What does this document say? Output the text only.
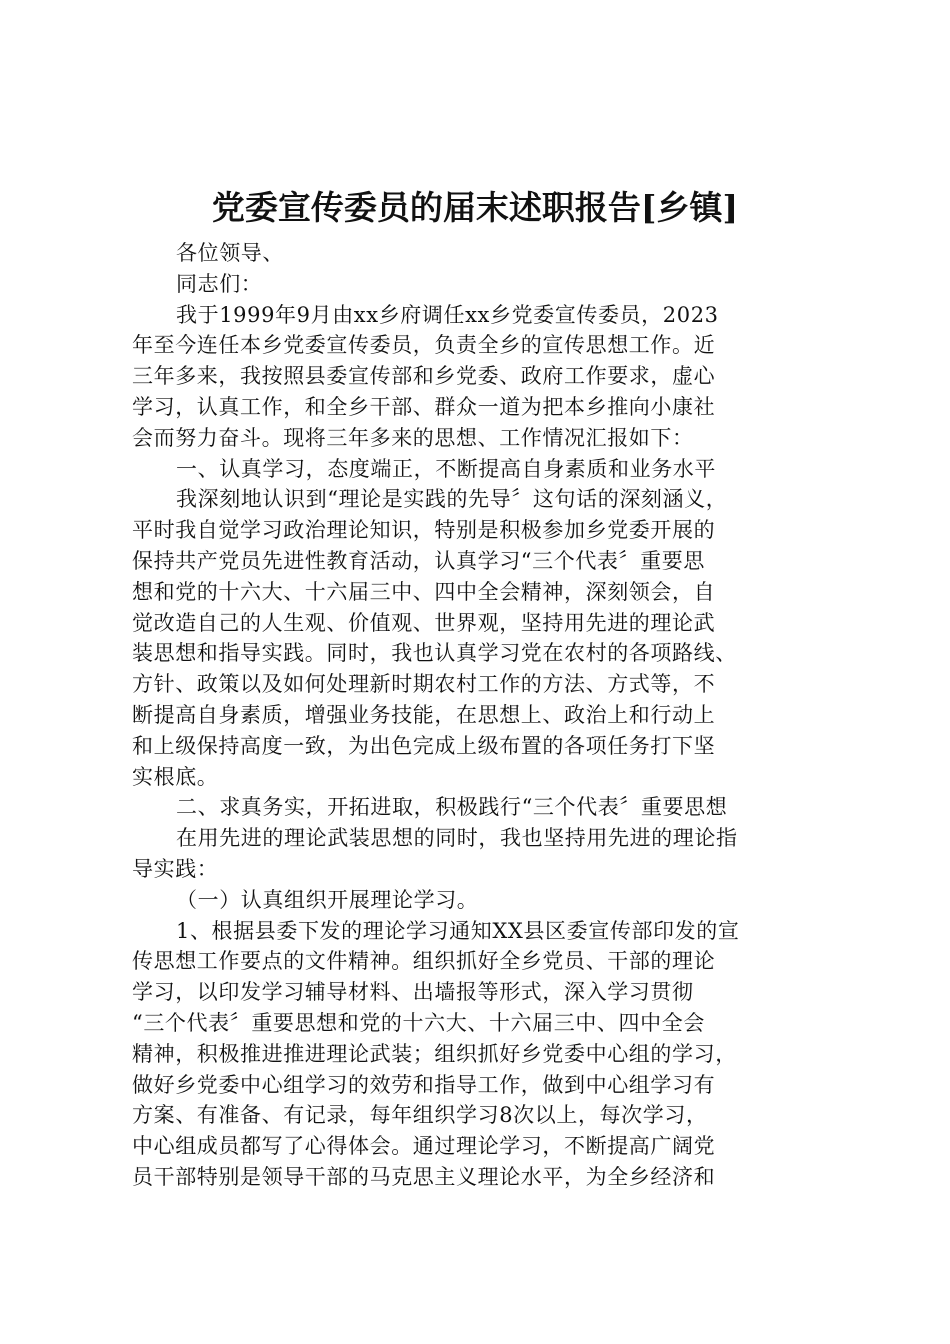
党委宣传委员的届末述职报告[乡镇]
各位领导、
同志们：
我于1999年9月由xx乡府调任xx乡党委宣传委员，2023
年至今连任本乡党委宣传委员，负责全乡的宣传思想工作。近
三年多来，我按照县委宣传部和乡党委、政府工作要求，虚心
学习，认真工作，和全乡干部、群众一道为把本乡推向小康社
会而努力奋斗。现将三年多来的思想、工作情况汇报如下：
一、认真学习，态度端正，不断提高自身素质和业务水平
我深刻地认识到“理论是实践的先导〞这句话的深刻涵义，
平时我自觉学习政治理论知识，特别是积极参加乡党委开展的
保持共产党员先进性教育活动，认真学习“三个代表〞重要思
想和党的十六大、十六届三中、四中全会精神，深刻领会，自
觉改造自己的人生观、价值观、世界观，坚持用先进的理论武
装思想和指导实践。同时，我也认真学习党在农村的各项路线、
方针、政策以及如何处理新时期农村工作的方法、方式等，不
断提高自身素质，增强业务技能，在思想上、政治上和行动上
和上级保持高度一致，为出色完成上级布置的各项任务打下坚
实根底。
二、求真务实，开拓进取，积极践行“三个代表〞重要思想
在用先进的理论武装思想的同时，我也坚持用先进的理论指
导实践：
（一）认真组织开展理论学习。
1、根据县委下发的理论学习通知XX县区委宣传部印发的宣
传思想工作要点的文件精神。组织抓好全乡党员、干部的理论
学习，以印发学习辅导材料、出墙报等形式，深入学习贯彻
“三个代表〞重要思想和党的十六大、十六届三中、四中全会
精神，积极推进推进理论武装；组织抓好乡党委中心组的学习，
做好乡党委中心组学习的效劳和指导工作，做到中心组学习有
方案、有准备、有记录，每年组织学习8次以上，每次学习，
中心组成员都写了心得体会。通过理论学习，不断提高广阔党
员干部特别是领导干部的马克思主义理论水平，为全乡经济和
